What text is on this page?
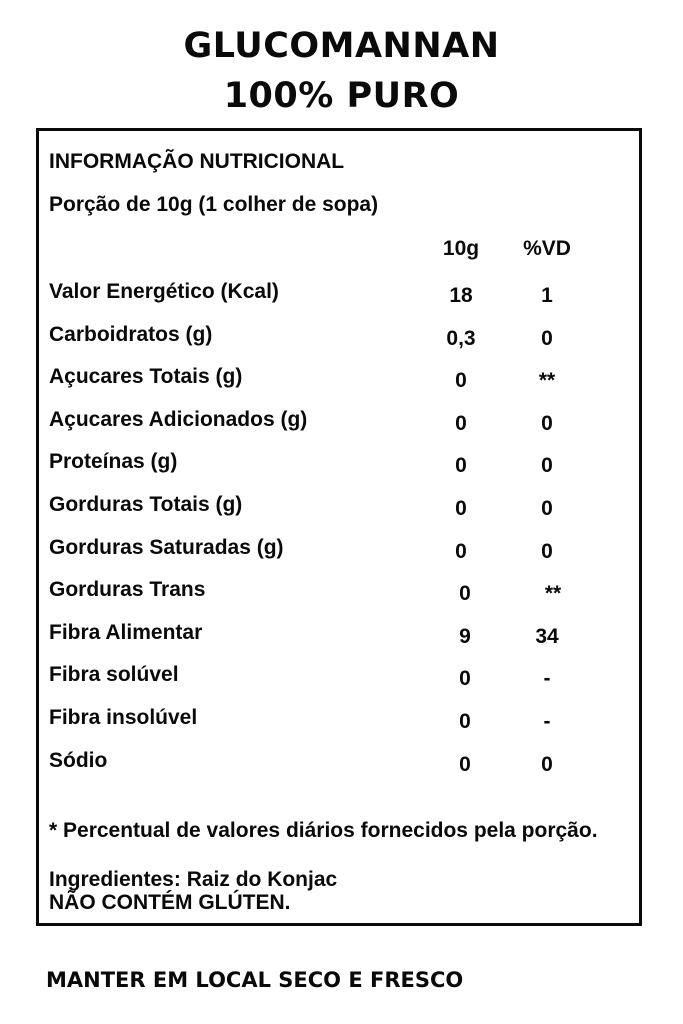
GLUCOMANNAN
100% PURO
INFORMAÇÃO NUTRICIONAL
Porção de 10g (1 colher de sopa)
10g	%VD
Valor Energético (Kcal)	18	1
Carboidratos (g)	0,3	0
Açucares Totais (g)	0	**
Açucares Adicionados (g)	0	0
Proteínas (g)	0	0
Gorduras Totais (g)	0	0
Gorduras Saturadas (g)	0	0
Gorduras Trans	0	**
Fibra Alimentar	9	34
Fibra solúvel	0	-
Fibra insolúvel	0	-
Sódio	0	0
* Percentual de valores diários fornecidos pela porção.
Ingredientes: Raiz do Konjac
NÃO CONTÉM GLÚTEN.
MANTER EM LOCAL SECO E FRESCO
